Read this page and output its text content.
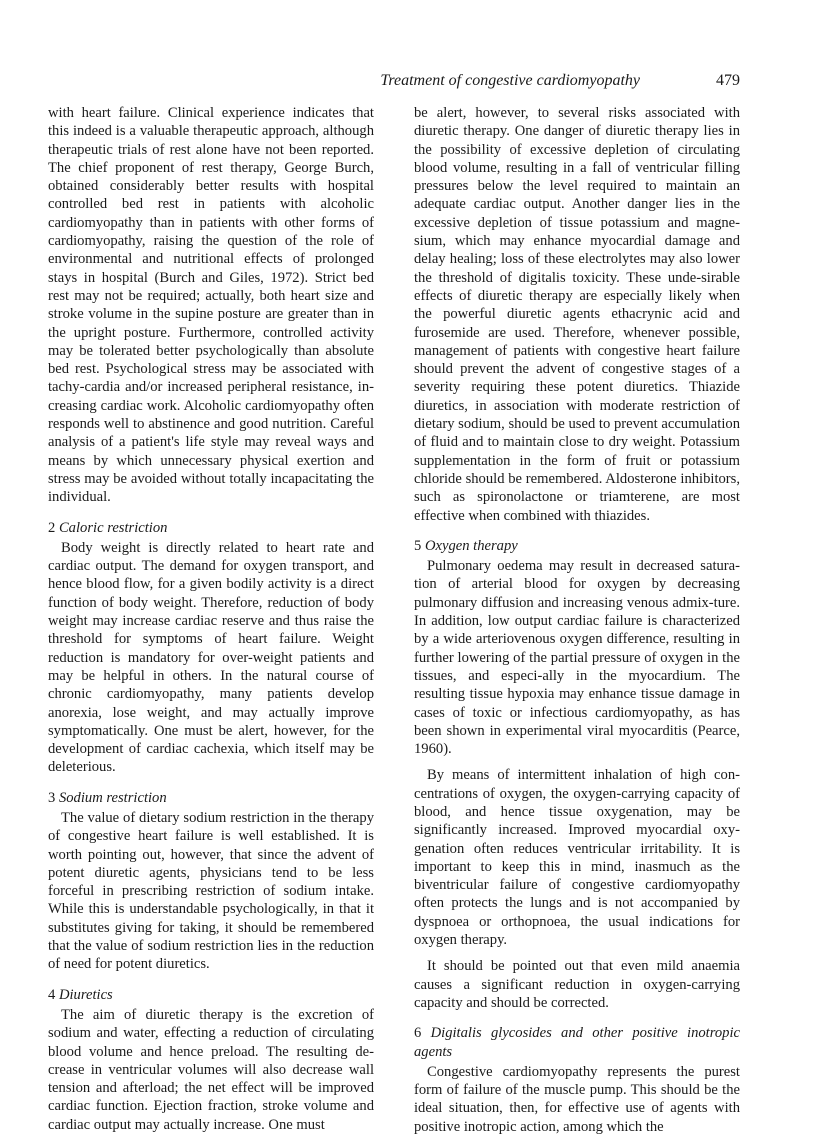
Treatment of congestive cardiomyopathy	479

with heart failure. Clinical experience indicates that this indeed is a valuable therapeutic approach, although therapeutic trials of rest alone have not been reported. The chief proponent of rest therapy, George Burch, obtained considerably better results with hospital controlled bed rest in patients with alcoholic cardiomyopathy than in patients with other forms of cardiomyopathy, raising the question of the role of environmental and nutritional effects of prolonged stays in hospital (Burch and Giles, 1972). Strict bed rest may not be required; actually, both heart size and stroke volume in the supine posture are greater than in the upright posture. Furthermore, controlled activity may be tolerated better psychologically than absolute bed rest. Psychological stress may be associated with tachy-cardia and/or increased peripheral resistance, in-creasing cardiac work. Alcoholic cardiomyopathy often responds well to abstinence and good nutrition. Careful analysis of a patient's life style may reveal ways and means by which unnecessary physical exertion and stress may be avoided without totally incapacitating the individual.

2 Caloric restriction

Body weight is directly related to heart rate and cardiac output. The demand for oxygen transport, and hence blood flow, for a given bodily activity is a direct function of body weight. Therefore, reduction of body weight may increase cardiac reserve and thus raise the threshold for symptoms of heart failure. Weight reduction is mandatory for over-weight patients and may be helpful in others. In the natural course of chronic cardiomyopathy, many patients develop anorexia, lose weight, and may actually improve symptomatically. One must be alert, however, for the development of cardiac cachexia, which itself may be deleterious.

3 Sodium restriction

The value of dietary sodium restriction in the therapy of congestive heart failure is well established. It is worth pointing out, however, that since the advent of potent diuretic agents, physicians tend to be less forceful in prescribing restriction of sodium intake. While this is understandable psychologically, in that it substitutes giving for taking, it should be remembered that the value of sodium restriction lies in the reduction of need for potent diuretics.

4 Diuretics

The aim of diuretic therapy is the excretion of sodium and water, effecting a reduction of circulating blood volume and hence preload. The resulting de-crease in ventricular volumes will also decrease wall tension and afterload; the net effect will be improved cardiac function. Ejection fraction, stroke volume and cardiac output may actually increase. One must

be alert, however, to several risks associated with diuretic therapy. One danger of diuretic therapy lies in the possibility of excessive depletion of circulating blood volume, resulting in a fall of ventricular filling pressures below the level required to maintain an adequate cardiac output. Another danger lies in the excessive depletion of tissue potassium and magne-sium, which may enhance myocardial damage and delay healing; loss of these electrolytes may also lower the threshold of digitalis toxicity. These unde-sirable effects of diuretic therapy are especially likely when the powerful diuretic agents ethacrynic acid and furosemide are used. Therefore, whenever possible, management of patients with congestive heart failure should prevent the advent of congestive stages of a severity requiring these potent diuretics. Thiazide diuretics, in association with moderate restriction of dietary sodium, should be used to prevent accumulation of fluid and to maintain close to dry weight. Potassium supplementation in the form of fruit or potassium chloride should be remembered. Aldosterone inhibitors, such as spironolactone or triamterene, are most effective when combined with thiazides.

5 Oxygen therapy

Pulmonary oedema may result in decreased satura-tion of arterial blood for oxygen by decreasing pulmonary diffusion and increasing venous admix-ture. In addition, low output cardiac failure is characterized by a wide arteriovenous oxygen difference, resulting in further lowering of the partial pressure of oxygen in the tissues, and especi-ally in the myocardium. The resulting tissue hypoxia may enhance tissue damage in cases of toxic or infectious cardiomyopathy, as has been shown in experimental viral myocarditis (Pearce, 1960).

By means of intermittent inhalation of high con-centrations of oxygen, the oxygen-carrying capacity of blood, and hence tissue oxygenation, may be significantly increased. Improved myocardial oxy-genation often reduces ventricular irritability. It is important to keep this in mind, inasmuch as the biventricular failure of congestive cardiomyopathy often protects the lungs and is not accompanied by dyspnoea or orthopnoea, the usual indications for oxygen therapy.

It should be pointed out that even mild anaemia causes a significant reduction in oxygen-carrying capacity and should be corrected.

6 Digitalis glycosides and other positive inotropic agents

Congestive cardiomyopathy represents the purest form of failure of the muscle pump. This should be the ideal situation, then, for effective use of agents with positive inotropic action, among which the
